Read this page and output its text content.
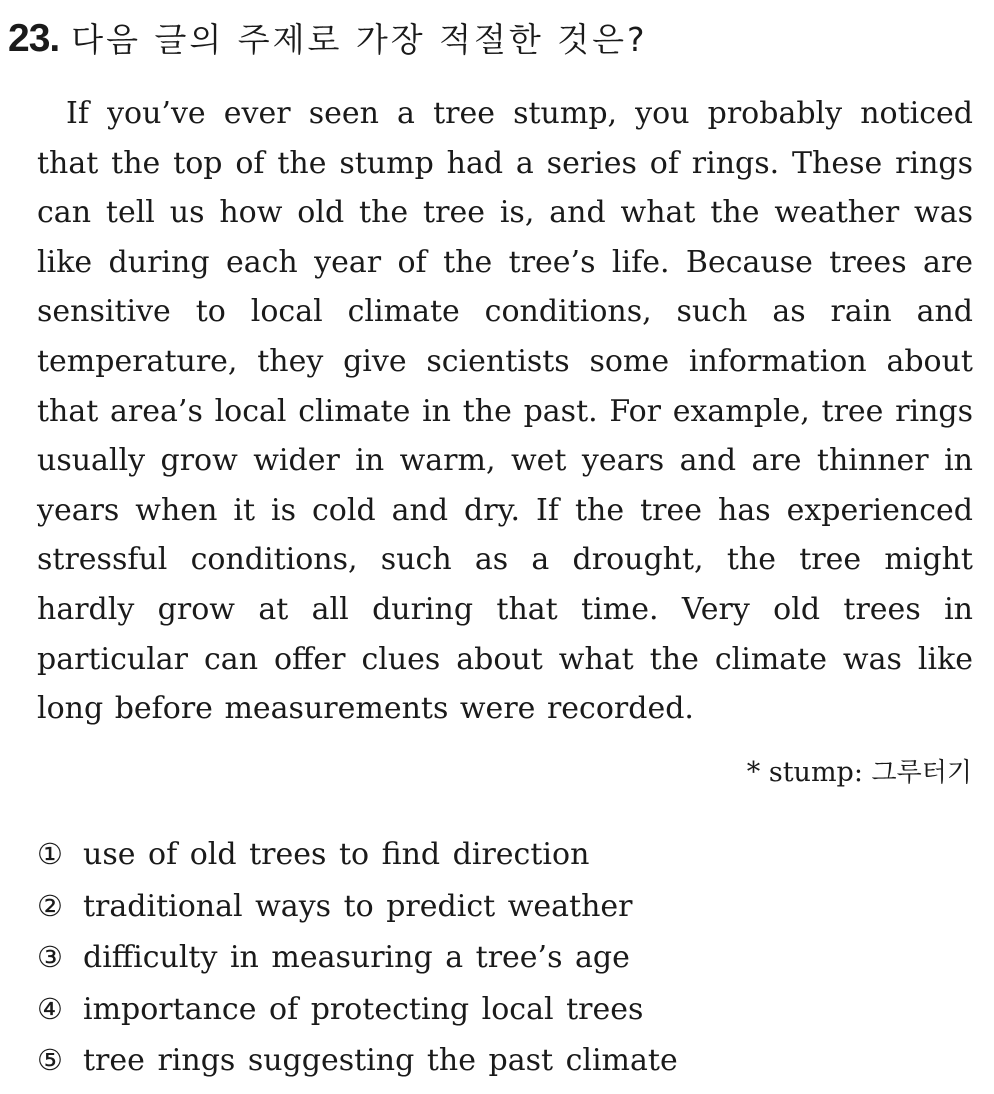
23. 다음 글의 주제로 가장 적절한 것은?

If you’ve ever seen a tree stump, you probably noticed that the top of the stump had a series of rings. These rings can tell us how old the tree is, and what the weather was like during each year of the tree’s life. Because trees are sensitive to local climate conditions, such as rain and temperature, they give scientists some information about that area’s local climate in the past. For example, tree rings usually grow wider in warm, wet years and are thinner in years when it is cold and dry. If the tree has experienced stressful conditions, such as a drought, the tree might hardly grow at all during that time. Very old trees in particular can offer clues about what the climate was like long before measurements were recorded.

* stump: 그루터기
① use of old trees to find direction
② traditional ways to predict weather
③ difficulty in measuring a tree’s age
④ importance of protecting local trees
⑤ tree rings suggesting the past climate
